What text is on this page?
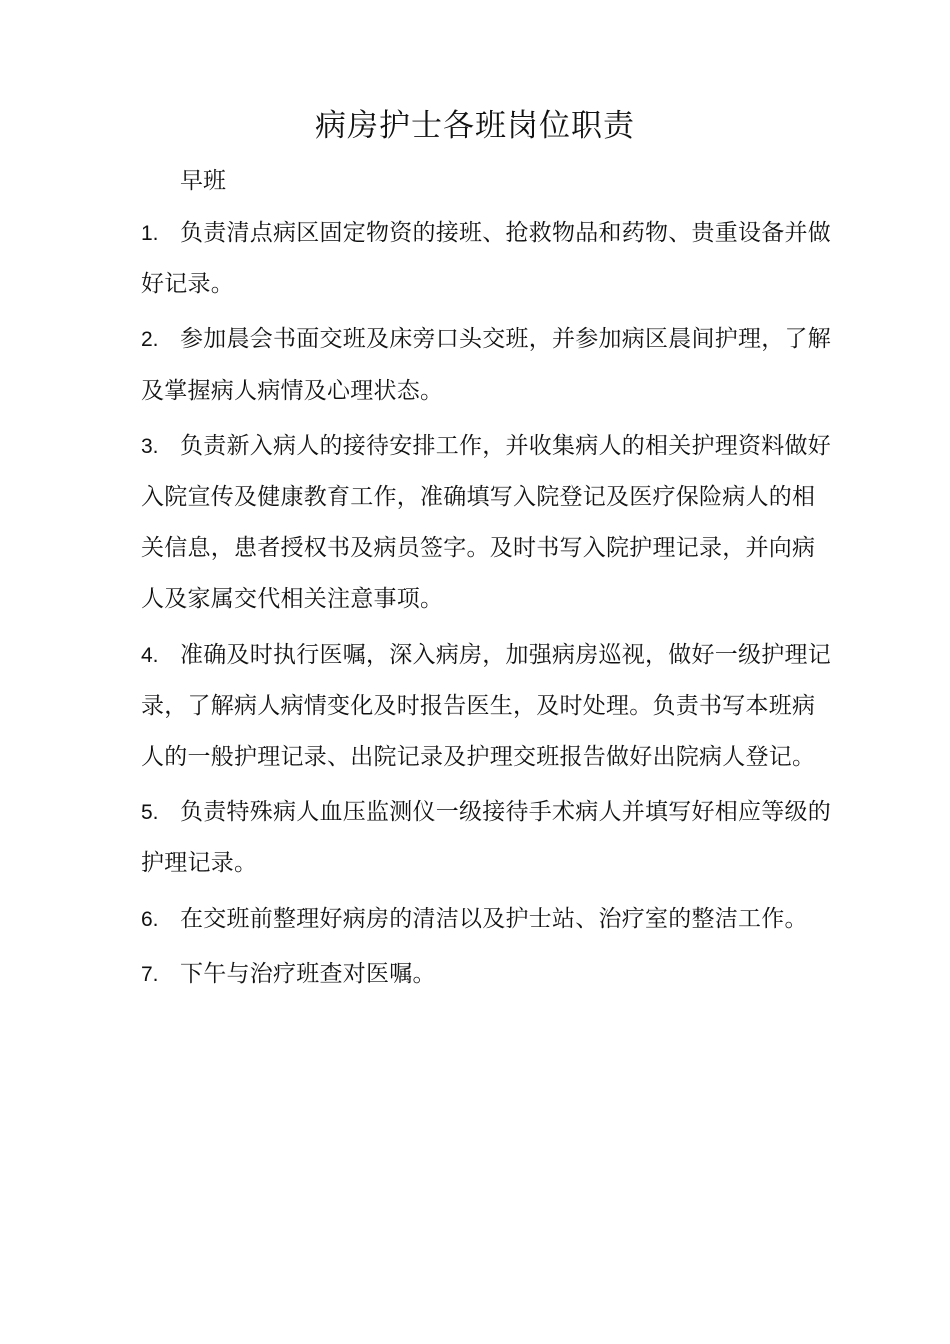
病房护士各班岗位职责

早班

1. 负责清点病区固定物资的接班、抢救物品和药物、贵重设备并做好记录。
2. 参加晨会书面交班及床旁口头交班，并参加病区晨间护理，了解及掌握病人病情及心理状态。
3. 负责新入病人的接待安排工作，并收集病人的相关护理资料做好入院宣传及健康教育工作，准确填写入院登记及医疗保险病人的相关信息，患者授权书及病员签字。及时书写入院护理记录，并向病人及家属交代相关注意事项。
4. 准确及时执行医嘱，深入病房，加强病房巡视，做好一级护理记录，了解病人病情变化及时报告医生，及时处理。负责书写本班病人的一般护理记录、出院记录及护理交班报告做好出院病人登记。
5. 负责特殊病人血压监测仪一级接待手术病人并填写好相应等级的护理记录。
6. 在交班前整理好病房的清洁以及护士站、治疗室的整洁工作。
7. 下午与治疗班查对医嘱。
